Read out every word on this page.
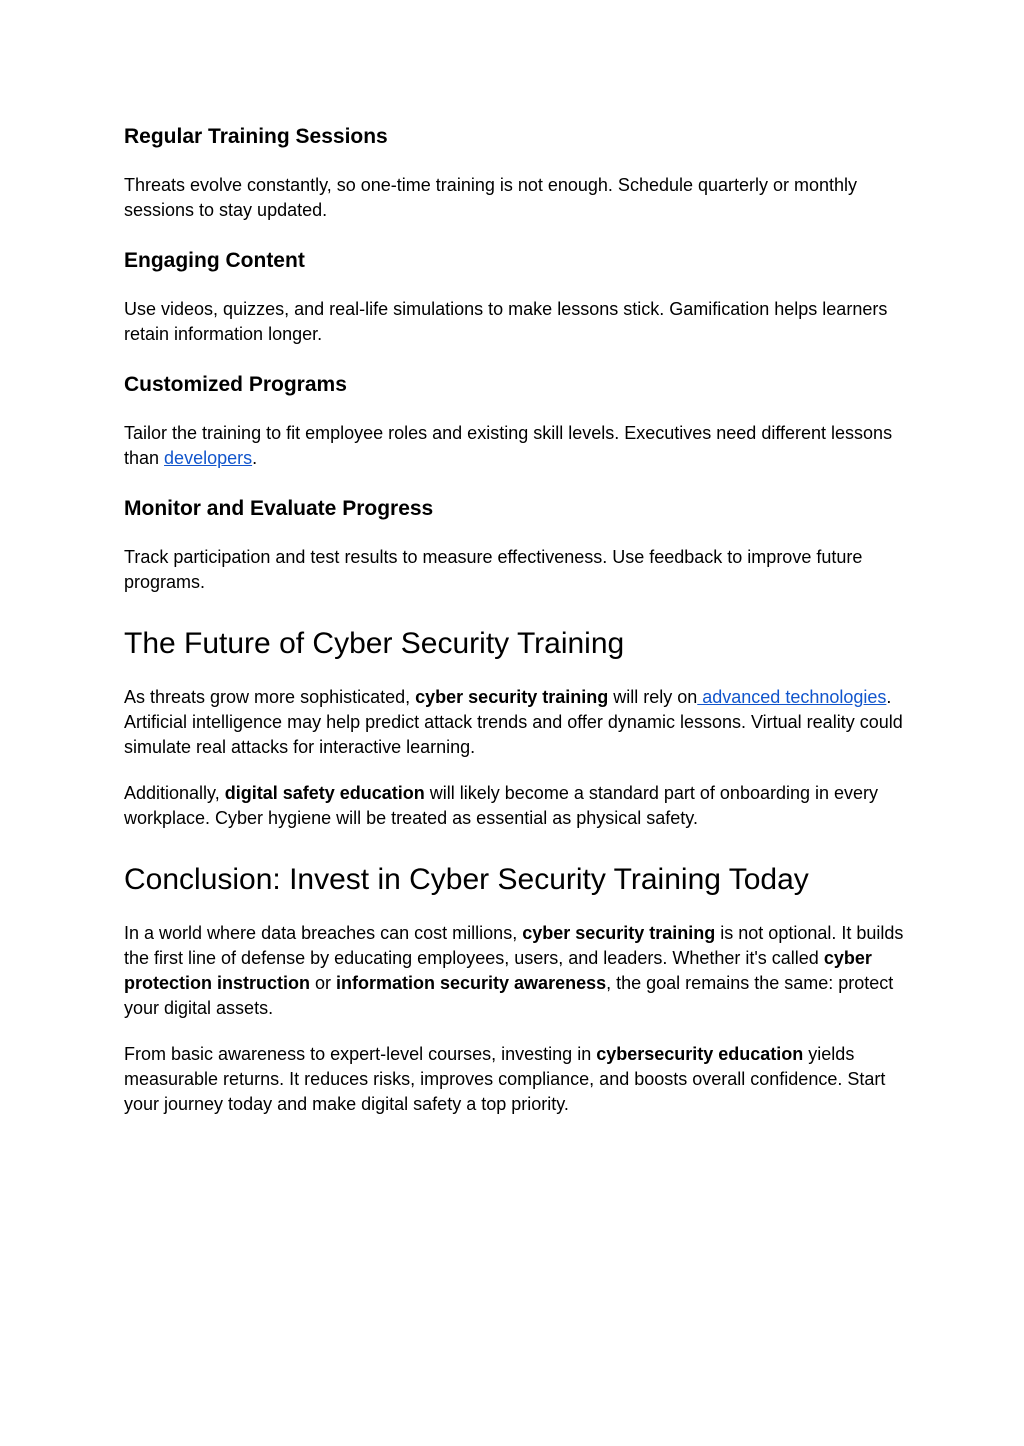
Regular Training Sessions

Threats evolve constantly, so one-time training is not enough. Schedule quarterly or monthly sessions to stay updated.

Engaging Content

Use videos, quizzes, and real-life simulations to make lessons stick. Gamification helps learners retain information longer.

Customized Programs

Tailor the training to fit employee roles and existing skill levels. Executives need different lessons than developers.

Monitor and Evaluate Progress

Track participation and test results to measure effectiveness. Use feedback to improve future programs.

The Future of Cyber Security Training

As threats grow more sophisticated, cyber security training will rely on advanced technologies. Artificial intelligence may help predict attack trends and offer dynamic lessons. Virtual reality could simulate real attacks for interactive learning.

Additionally, digital safety education will likely become a standard part of onboarding in every workplace. Cyber hygiene will be treated as essential as physical safety.

Conclusion: Invest in Cyber Security Training Today

In a world where data breaches can cost millions, cyber security training is not optional. It builds the first line of defense by educating employees, users, and leaders. Whether it's called cyber protection instruction or information security awareness, the goal remains the same: protect your digital assets.

From basic awareness to expert-level courses, investing in cybersecurity education yields measurable returns. It reduces risks, improves compliance, and boosts overall confidence. Start your journey today and make digital safety a top priority.
